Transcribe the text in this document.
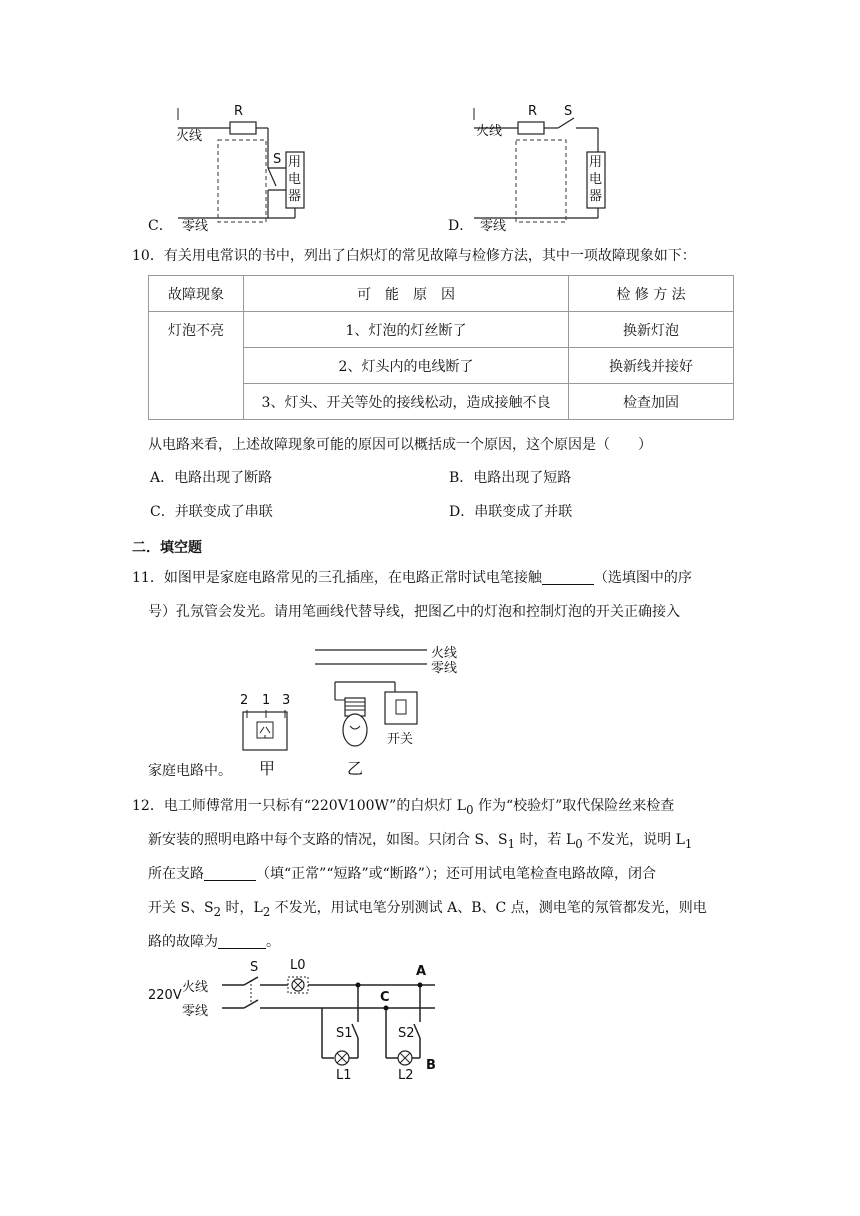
R
S
火线
零线
用
电
器
C．
R S
火线
零线
用
电
器
D．
10．有关用电常识的书中，列出了白炽灯的常见故障与检修方法，其中一项故障现象如下：
故障现象	可　能　原　因	检 修 方 法
灯泡不亮	1、灯泡的灯丝断了	换新灯泡
	2、灯头内的电线断了	换新线并接好
	3、灯头、开关等处的接线松动，造成接触不良	检查加固
从电路来看，上述故障现象可能的原因可以概括成一个原因，这个原因是（　　）
A．电路出现了断路	B．电路出现了短路
C．并联变成了串联	D．串联变成了并联
二．填空题
11．如图甲是家庭电路常见的三孔插座，在电路正常时试电笔接触	（选填图中的序
号）孔氖管会发光。请用笔画线代替导线，把图乙中的灯泡和控制灯泡的开关正确接入
火线
零线
2 1 3
开关
甲	乙
家庭电路中。
12．电工师傅常用一只标有“220V100W”的白炽灯 $L_0$ 作为“校验灯”取代保险丝来检查
新安装的照明电路中每个支路的情况，如图。只闭合 S、$S_1$ 时，若 $L_0$ 不发光，说明 $L_1$
所在支路	（填“正常”“短路”或“断路”）；还可用试电笔检查电路故障，闭合
开关 S、$S_2$ 时，$L_2$ 不发光，用试电笔分别测试 A、B、C 点，测电笔的氖管都发光，则电
路的故障为	。
220V
火线
零线
S L0	A
C
B
S1	S2
L1	L2
